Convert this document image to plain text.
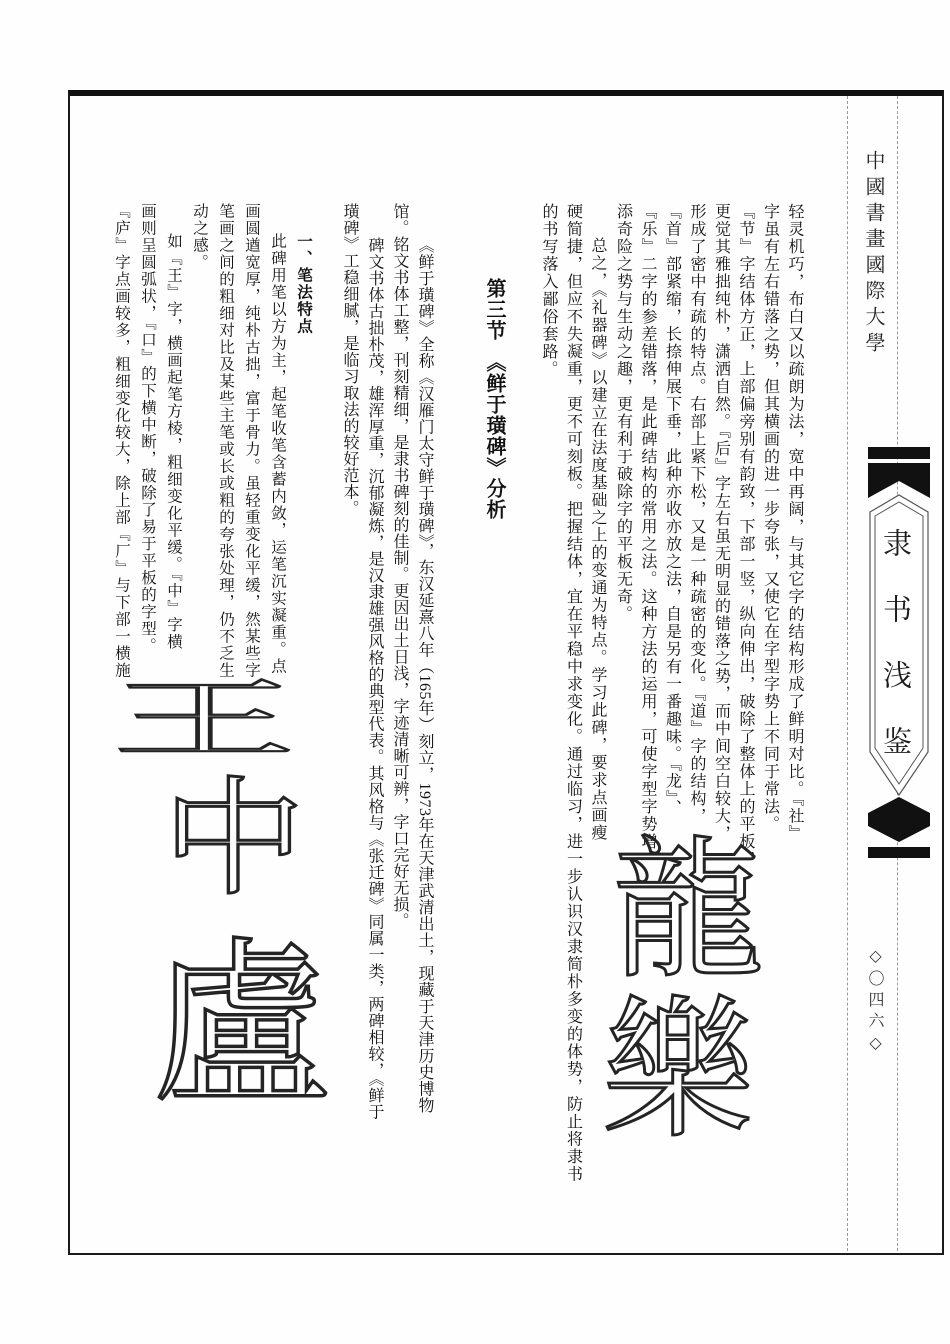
中國書畫國際大學
隶书浅鉴
◇〇四六◇
轻灵机巧，布白又以疏朗为法，宽中再阔，与其它字的结构形成了鲜明对比。『社』
字虽有左右错落之势，但其横画的进一步夸张，又使它在字型字势上不同于常法。
『节』字结体方正，上部偏旁别有韵致，下部一竖，纵向伸出，破除了整体上的平板，
更觉其雅拙纯朴，潇洒自然。『后』字左右虽无明显的错落之势，而中间空白较大，
形成了密中有疏的特点。右部上紧下松，又是一种疏密的变化。『道』字的结构，
『首』部紧缩，长捺伸展下垂，此种亦收亦放之法，自是另有一番趣味。『龙』、
『乐』二字的参差错落，是此碑结构的常用之法。这种方法的运用，可使字型字势增
添奇险之势与生动之趣，更有利于破除字的平板无奇。
总之，《礼器碑》以建立在法度基础之上的变通为特点。学习此碑，要求点画瘦
硬简捷，但应不失凝重，更不可刻板。把握结体，宜在平稳中求变化。通过临习，进一步认识汉隶简朴多变的体势，防止将隶书
的书写落入鄙俗套路。
第三节　《鲜于璜碑》分析
《鲜于璜碑》全称《汉雁门太守鲜于璜碑》，东汉延熹八年（165年）刻立，1973年在天津武清出土，现藏于天津历史博物
馆。铭文书体工整，刊刻精细，是隶书碑刻的佳制。更因出土日浅，字迹清晰可辨，字口完好无损。
碑文书体古拙朴茂，雄浑厚重，沉郁凝炼，是汉隶雄强风格的典型代表。其风格与《张迁碑》同属一类，两碑相较，《鲜于
璜碑》工稳细腻，是临习取法的较好范本。
一、笔法特点
此碑用笔以方为主，起笔收笔含蓄内敛，运笔沉实凝重。点
画圆遒宽厚，纯朴古拙，富于骨力。虽轻重变化平缓，然某些字
笔画之间的粗细对比及某些主笔或长或粗的夸张处理，仍不乏生
动之感。
如『王』字，横画起笔方棱，粗细变化平缓。『中』字横
画则呈圆弧状，『口』的下横中断，破除了易于平板的字型。
『庐』字点画较多，粗细变化较大，除上部『厂』与下部一横施
龍
樂
王
中
盧
